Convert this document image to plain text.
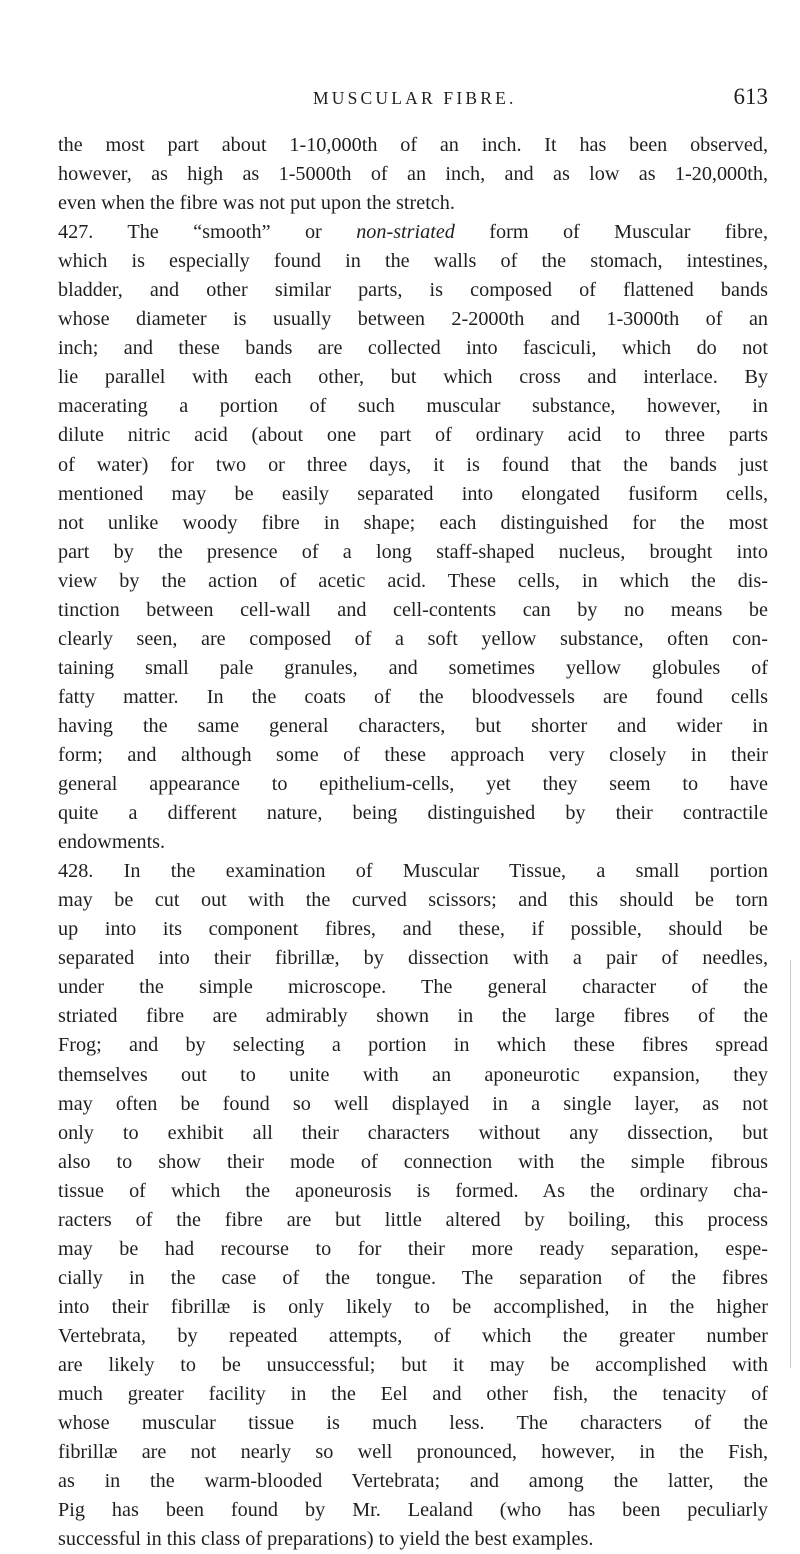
MUSCULAR FIBRE.	613
the most part about 1-10,000th of an inch. It has been observed,
however, as high as 1-5000th of an inch, and as low as 1-20,000th,
even when the fibre was not put upon the stretch.
427. The “smooth” or non-striated form of Muscular fibre,
which is especially found in the walls of the stomach, intestines,
bladder, and other similar parts, is composed of flattened bands
whose diameter is usually between 2-2000th and 1-3000th of an
inch; and these bands are collected into fasciculi, which do not
lie parallel with each other, but which cross and interlace. By
macerating a portion of such muscular substance, however, in
dilute nitric acid (about one part of ordinary acid to three parts
of water) for two or three days, it is found that the bands just
mentioned may be easily separated into elongated fusiform cells,
not unlike woody fibre in shape; each distinguished for the most
part by the presence of a long staff-shaped nucleus, brought into
view by the action of acetic acid. These cells, in which the dis-
tinction between cell-wall and cell-contents can by no means be
clearly seen, are composed of a soft yellow substance, often con-
taining small pale granules, and sometimes yellow globules of
fatty matter. In the coats of the bloodvessels are found cells
having the same general characters, but shorter and wider in
form; and although some of these approach very closely in their
general appearance to epithelium-cells, yet they seem to have
quite a different nature, being distinguished by their contractile
endowments.
428. In the examination of Muscular Tissue, a small portion
may be cut out with the curved scissors; and this should be torn
up into its component fibres, and these, if possible, should be
separated into their fibrillæ, by dissection with a pair of needles,
under the simple microscope. The general character of the
striated fibre are admirably shown in the large fibres of the
Frog; and by selecting a portion in which these fibres spread
themselves out to unite with an aponeurotic expansion, they
may often be found so well displayed in a single layer, as not
only to exhibit all their characters without any dissection, but
also to show their mode of connection with the simple fibrous
tissue of which the aponeurosis is formed. As the ordinary cha-
racters of the fibre are but little altered by boiling, this process
may be had recourse to for their more ready separation, espe-
cially in the case of the tongue. The separation of the fibres
into their fibrillæ is only likely to be accomplished, in the higher
Vertebrata, by repeated attempts, of which the greater number
are likely to be unsuccessful; but it may be accomplished with
much greater facility in the Eel and other fish, the tenacity of
whose muscular tissue is much less. The characters of the
fibrillæ are not nearly so well pronounced, however, in the Fish,
as in the warm-blooded Vertebrata; and among the latter, the
Pig has been found by Mr. Lealand (who has been peculiarly
successful in this class of preparations) to yield the best examples.
